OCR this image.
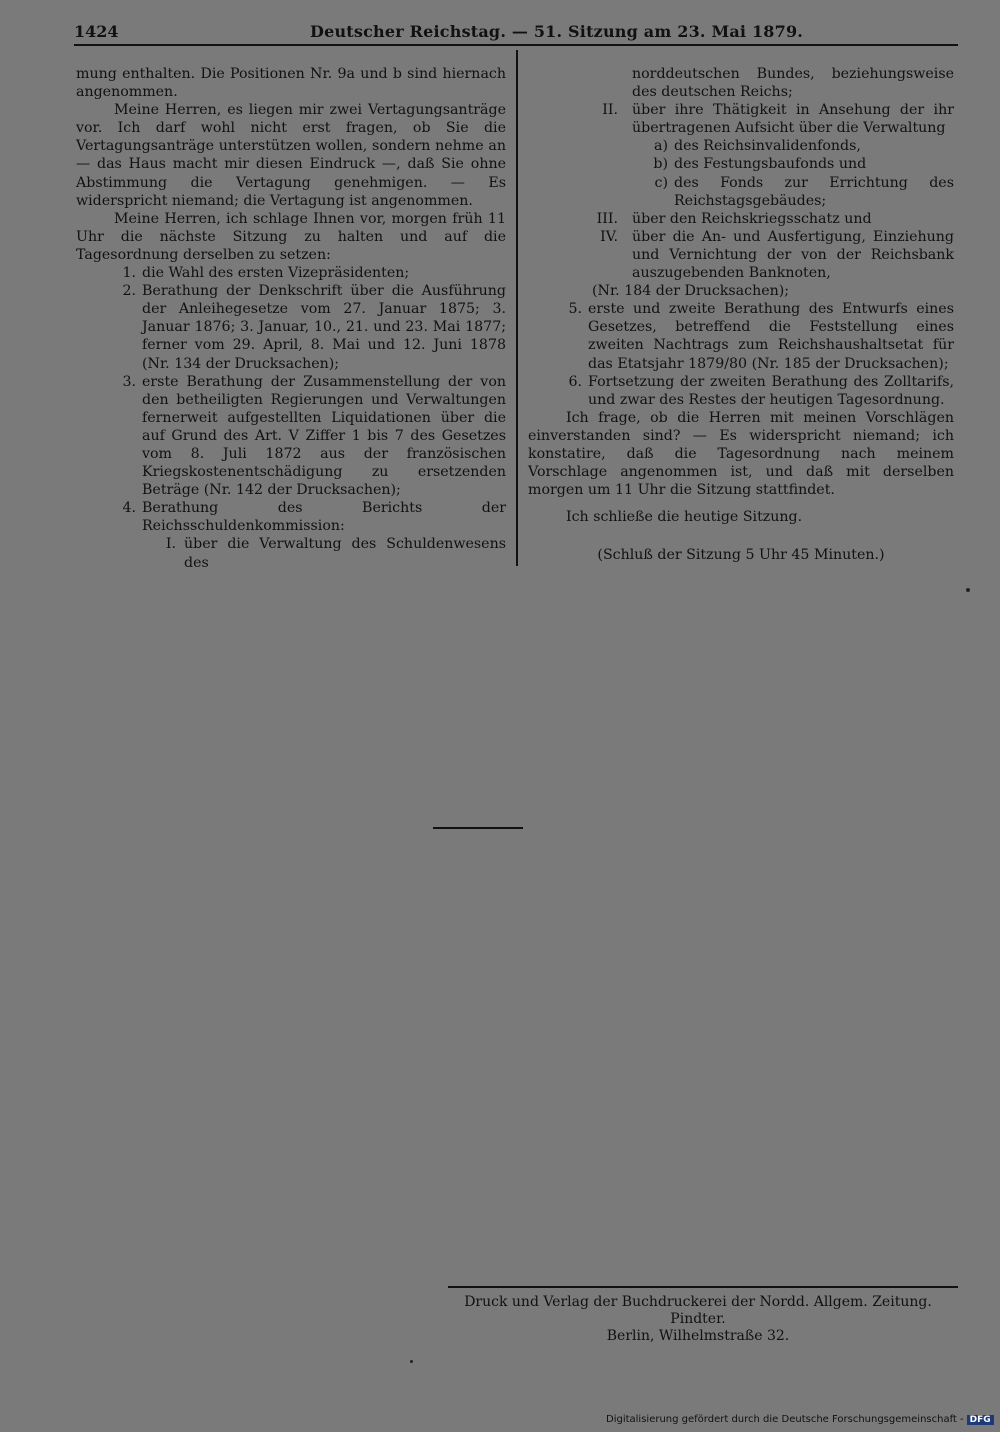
1424	Deutscher Reichstag. — 51. Sitzung am 23. Mai 1879.

mung enthalten. Die Positionen Nr. 9a und b sind hiernach angenommen.

Meine Herren, es liegen mir zwei Vertagungsanträge vor. Ich darf wohl nicht erst fragen, ob Sie die Vertagungsanträge unterstützen wollen, sondern nehme an — das Haus macht mir diesen Eindruck —, daß Sie ohne Abstimmung die Vertagung genehmigen. — Es widerspricht niemand; die Vertagung ist angenommen.

Meine Herren, ich schlage Ihnen vor, morgen früh 11 Uhr die nächste Sitzung zu halten und auf die Tagesordnung derselben zu setzen:

1. die Wahl des ersten Vizepräsidenten;
2. Berathung der Denkschrift über die Ausführung der Anleihegesetze vom 27. Januar 1875; 3. Januar 1876; 3. Januar, 10., 21. und 23. Mai 1877; ferner vom 29. April, 8. Mai und 12. Juni 1878 (Nr. 134 der Drucksachen);
3. erste Berathung der Zusammenstellung der von den betheiligten Regierungen und Verwaltungen fernerweit aufgestellten Liquidationen über die auf Grund des Art. V Ziffer 1 bis 7 des Gesetzes vom 8. Juli 1872 aus der französischen Kriegskostenentschädigung zu ersetzenden Beträge (Nr. 142 der Drucksachen);
4. Berathung des Berichts der Reichsschuldenkommission:
I. über die Verwaltung des Schuldenwesens des

norddeutschen Bundes, beziehungsweise des deutschen Reichs;

II. über ihre Thätigkeit in Ansehung der ihr übertragenen Aufsicht über die Verwaltung
a) des Reichsinvalidenfonds,
b) des Festungsbaufonds und
c) des Fonds zur Errichtung des Reichstagsgebäudes;
III. über den Reichskriegsschatz und
IV. über die An- und Ausfertigung, Einziehung und Vernichtung der von der Reichsbank auszugebenden Banknoten,

(Nr. 184 der Drucksachen);

5. erste und zweite Berathung des Entwurfs eines Gesetzes, betreffend die Feststellung eines zweiten Nachtrags zum Reichshaushaltsetat für das Etatsjahr 1879/80 (Nr. 185 der Drucksachen);
6. Fortsetzung der zweiten Berathung des Zolltarifs, und zwar des Restes der heutigen Tagesordnung.

Ich frage, ob die Herren mit meinen Vorschlägen einverstanden sind? — Es widerspricht niemand; ich konstatire, daß die Tagesordnung nach meinem Vorschlage angenommen ist, und daß mit derselben morgen um 11 Uhr die Sitzung stattfindet.

Ich schließe die heutige Sitzung.

(Schluß der Sitzung 5 Uhr 45 Minuten.)

Druck und Verlag der Buchdruckerei der Nordd. Allgem. Zeitung. Pindter.
Berlin, Wilhelmstraße 32.
Digitalisierung gefördert durch die Deutsche Forschungsgemeinschaft - DFG
